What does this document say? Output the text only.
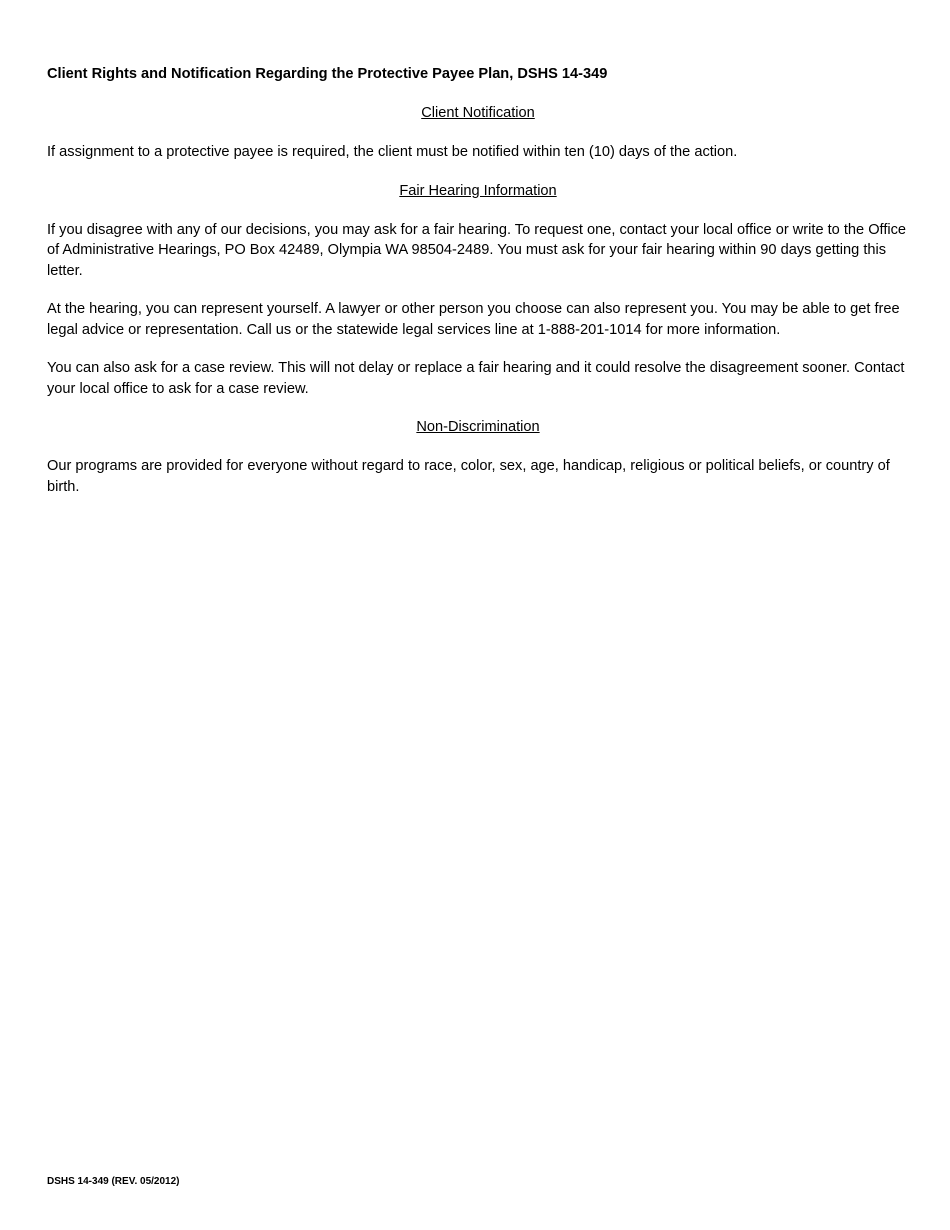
Client Rights and Notification Regarding the Protective Payee Plan, DSHS 14-349
Client Notification
If assignment to a protective payee is required, the client must be notified within ten (10) days of the action.
Fair Hearing Information
If you disagree with any of our decisions, you may ask for a fair hearing. To request one, contact your local office or write to the Office of Administrative Hearings, PO Box 42489, Olympia WA 98504-2489. You must ask for your fair hearing within 90 days getting this letter.
At the hearing, you can represent yourself. A lawyer or other person you choose can also represent you. You may be able to get free legal advice or representation. Call us or the statewide legal services line at 1-888-201-1014 for more information.
You can also ask for a case review. This will not delay or replace a fair hearing and it could resolve the disagreement sooner. Contact your local office to ask for a case review.
Non-Discrimination
Our programs are provided for everyone without regard to race, color, sex, age, handicap, religious or political beliefs, or country of birth.
DSHS 14-349 (REV. 05/2012)
